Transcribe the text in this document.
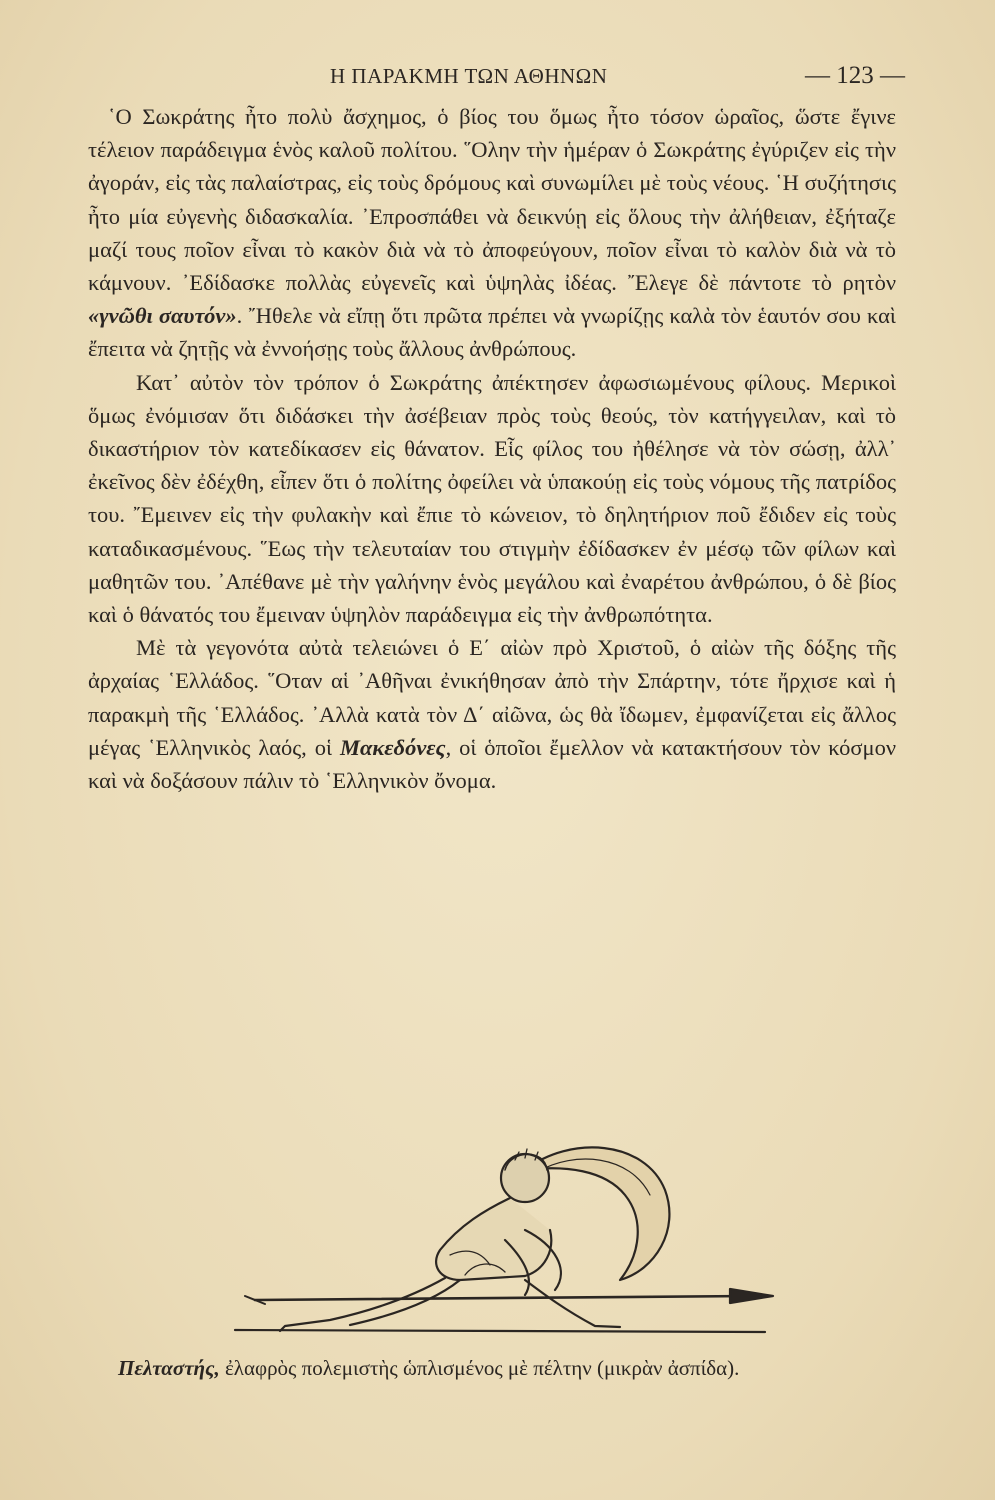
Η ΠΑΡΑΚΜΗ ΤΩΝ ΑΘΗΝΩΝ	— 123 —

῾Ο Σωκράτης ἦτο πολὺ ἄσχημος, ὁ βίος του ὅμως ἦτο τόσον ὡραῖος, ὥστε ἔγινε τέλειον παράδειγμα ἑνὸς καλοῦ πολίτου. ῞Ολην τὴν ἡμέραν ὁ Σωκράτης ἐγύριζεν εἰς τὴν ἀγοράν, εἰς τὰς παλαίστρας, εἰς τοὺς δρόμους καὶ συνωμίλει μὲ τοὺς νέους. ῾Η συζήτησις ἦτο μία εὐγενὴς διδασκαλία. ᾿Επροσπάθει νὰ δεικνύῃ εἰς ὅλους τὴν ἀλήθειαν, ἐξήταζε μαζί τους ποῖον εἶναι τὸ κακὸν διὰ νὰ τὸ ἀποφεύγουν, ποῖον εἶναι τὸ καλὸν διὰ νὰ τὸ κάμνουν. ᾿Εδίδασκε πολλὰς εὐγενεῖς καὶ ὑψηλὰς ἰδέας. ῎Ελεγε δὲ πάντοτε τὸ ρητὸν «γνῶθι σαυτόν». ῎Ηθελε νὰ εἴπῃ ὅτι πρῶτα πρέπει νὰ γνωρίζῃς καλὰ τὸν ἑαυτόν σου καὶ ἔπειτα νὰ ζητῇς νὰ ἐννοήσῃς τοὺς ἄλλους ἀνθρώπους.

Κατ᾿ αὐτὸν τὸν τρόπον ὁ Σωκράτης ἀπέκτησεν ἀφωσιωμένους φίλους. Μερικοὶ ὅμως ἐνόμισαν ὅτι διδάσκει τὴν ἀσέβειαν πρὸς τοὺς θεούς, τὸν κατήγγειλαν, καὶ τὸ δικαστήριον τὸν κατεδίκασεν εἰς θάνατον. Εἷς φίλος του ἠθέλησε νὰ τὸν σώσῃ, ἀλλ᾿ ἐκεῖνος δὲν ἐδέχθη, εἶπεν ὅτι ὁ πολίτης ὀφείλει νὰ ὑπακούῃ εἰς τοὺς νόμους τῆς πατρίδος του. ῎Εμεινεν εἰς τὴν φυλακὴν καὶ ἔπιε τὸ κώνειον, τὸ δηλητήριον ποῦ ἔδιδεν εἰς τοὺς καταδικασμένους. ῞Εως τὴν τελευταίαν του στιγμὴν ἐδίδασκεν ἐν μέσῳ τῶν φίλων καὶ μαθητῶν του. ᾿Απέθανε μὲ τὴν γαλήνην ἑνὸς μεγάλου καὶ ἐναρέτου ἀνθρώπου, ὁ δὲ βίος καὶ ὁ θάνατός του ἔμειναν ὑψηλὸν παράδειγμα εἰς τὴν ἀνθρωπότητα.

Μὲ τὰ γεγονότα αὐτὰ τελειώνει ὁ Ε΄ αἰὼν πρὸ Χριστοῦ, ὁ αἰὼν τῆς δόξης τῆς ἀρχαίας ῾Ελλάδος. ῞Οταν αἱ ᾿Αθῆναι ἐνικήθησαν ἀπὸ τὴν Σπάρτην, τότε ἤρχισε καὶ ἡ παρακμὴ τῆς ῾Ελλάδος. ᾿Αλλὰ κατὰ τὸν Δ΄ αἰῶνα, ὡς θὰ ἴδωμεν, ἐμφανίζεται εἰς ἄλλος μέγας ῾Ελληνικὸς λαός, οἱ Μακεδόνες, οἱ ὁποῖοι ἔμελλον νὰ κατακτήσουν τὸν κόσμον καὶ νὰ δοξάσουν πάλιν τὸ ῾Ελληνικὸν ὄνομα.

Πελταστής, ἐλαφρὸς πολεμιστὴς ὡπλισμένος μὲ πέλτην (μικρὰν ἀσπίδα).
